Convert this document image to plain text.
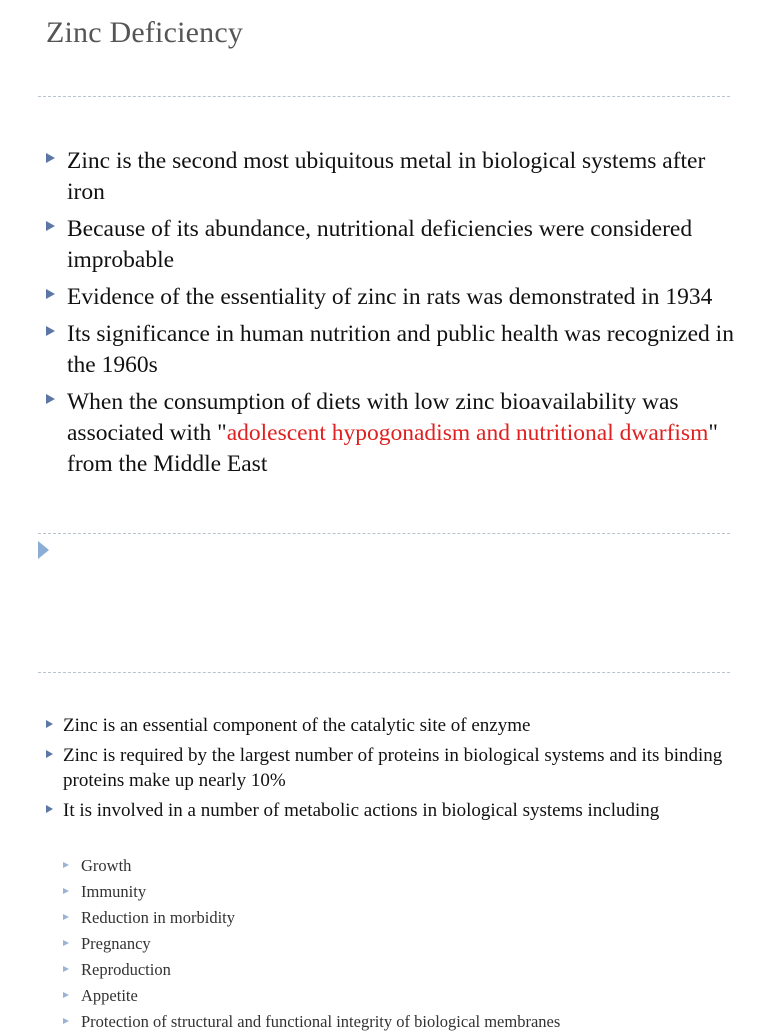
Zinc Deficiency
Zinc is the second most ubiquitous metal in biological systems after iron
Because of its abundance, nutritional deficiencies were considered improbable
Evidence of the essentiality of zinc in rats was demonstrated in 1934
Its significance in human nutrition and public health was recognized in the 1960s
When the consumption of diets with low zinc bioavailability was associated with "adolescent hypogonadism and nutritional dwarfism" from the Middle East
Zinc is an essential component of the catalytic site of enzyme
Zinc is required by the largest number of proteins in biological systems and its binding proteins make up nearly 10%
It is involved in a number of metabolic actions in biological systems including
Growth
Immunity
Reduction in morbidity
Pregnancy
Reproduction
Appetite
Protection of structural and functional integrity of biological membranes
